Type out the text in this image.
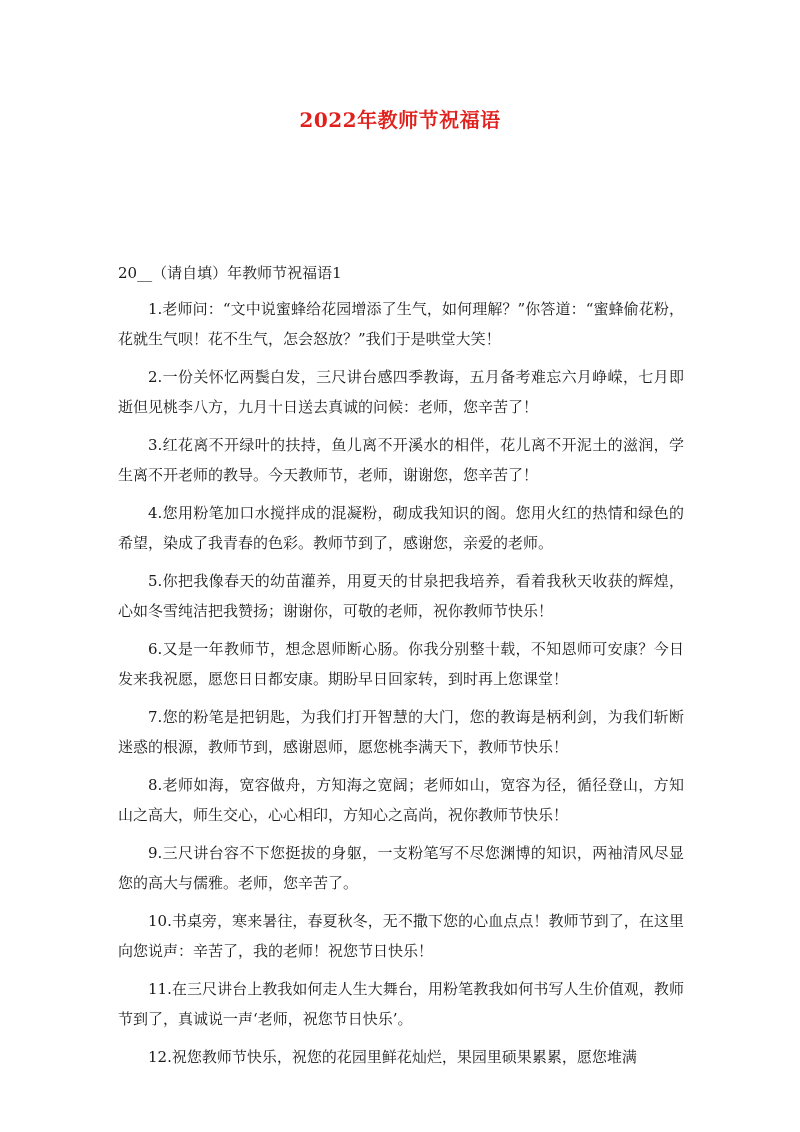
2022年教师节祝福语
20__（请自填）年教师节祝福语1

1.老师问：“文中说蜜蜂给花园增添了生气，如何理解？”你答道：“蜜蜂偷花粉，花就生气呗！花不生气，怎会怒放？”我们于是哄堂大笑！

2.一份关怀忆两鬓白发，三尺讲台感四季教诲，五月备考难忘六月峥嵘，七月即逝但见桃李八方，九月十日送去真诚的问候：老师，您辛苦了！

3.红花离不开绿叶的扶持，鱼儿离不开溪水的相伴，花儿离不开泥土的滋润，学生离不开老师的教导。今天教师节，老师，谢谢您，您辛苦了！

4.您用粉笔加口水搅拌成的混凝粉，砌成我知识的阁。您用火红的热情和绿色的希望，染成了我青春的色彩。教师节到了，感谢您，亲爱的老师。

5.你把我像春天的幼苗灌养，用夏天的甘泉把我培养，看着我秋天收获的辉煌，心如冬雪纯洁把我赞扬；谢谢你，可敬的老师，祝你教师节快乐！

6.又是一年教师节，想念恩师断心肠。你我分别整十载，不知恩师可安康？今日发来我祝愿，愿您日日都安康。期盼早日回家转，到时再上您课堂！

7.您的粉笔是把钥匙，为我们打开智慧的大门，您的教诲是柄利剑，为我们斩断迷惑的根源，教师节到，感谢恩师，愿您桃李满天下，教师节快乐！

8.老师如海，宽容做舟，方知海之宽阔；老师如山，宽容为径，循径登山，方知山之高大，师生交心，心心相印，方知心之高尚，祝你教师节快乐！

9.三尺讲台容不下您挺拔的身躯，一支粉笔写不尽您渊博的知识，两袖清风尽显您的高大与儒雅。老师，您辛苦了。

10.书桌旁，寒来暑往，春夏秋冬，无不撒下您的心血点点！教师节到了，在这里向您说声：辛苦了，我的老师！祝您节日快乐！

11.在三尺讲台上教我如何走人生大舞台，用粉笔教我如何书写人生价值观，教师节到了，真诚说一声‘老师，祝您节日快乐’。

12.祝您教师节快乐，祝您的花园里鲜花灿烂，果园里硕果累累，愿您堆满
